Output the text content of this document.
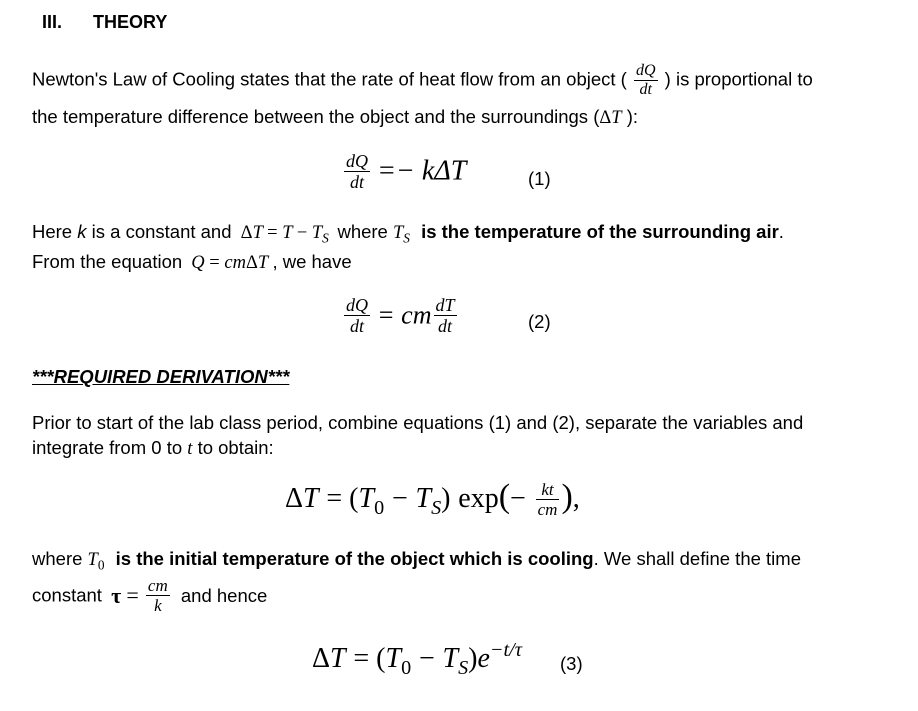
III. THEORY
Newton's Law of Cooling states that the rate of heat flow from an object ( $\frac{dQ}{dt}$ ) is proportional to
the temperature difference between the object and the surroundings (ΔT ):
$\frac{dQ}{dt} =- k\Delta T$	(1)
Here k is a constant and $\Delta T = T - T_S$ where $T_S$ is the temperature of the surrounding air.
From the equation Q = cmΔT , we have
$\frac{dQ}{dt}$ = cm $\frac{dT}{dt}$	(2)
***REQUIRED DERIVATION***
Prior to start of the lab class period, combine equations (1) and (2), separate the variables and
integrate from 0 to t to obtain:
$\Delta T = (T_0 - T_S)$ $\exp(- \frac{kt}{cm}$ ),
where $T_0$ is the initial temperature of the object which is cooling. We shall define the time
constant $\tau = \frac{cm}{k}$ and hence
$\Delta T = (T_0 - T_S)e^{-t/\tau}$
(3)
